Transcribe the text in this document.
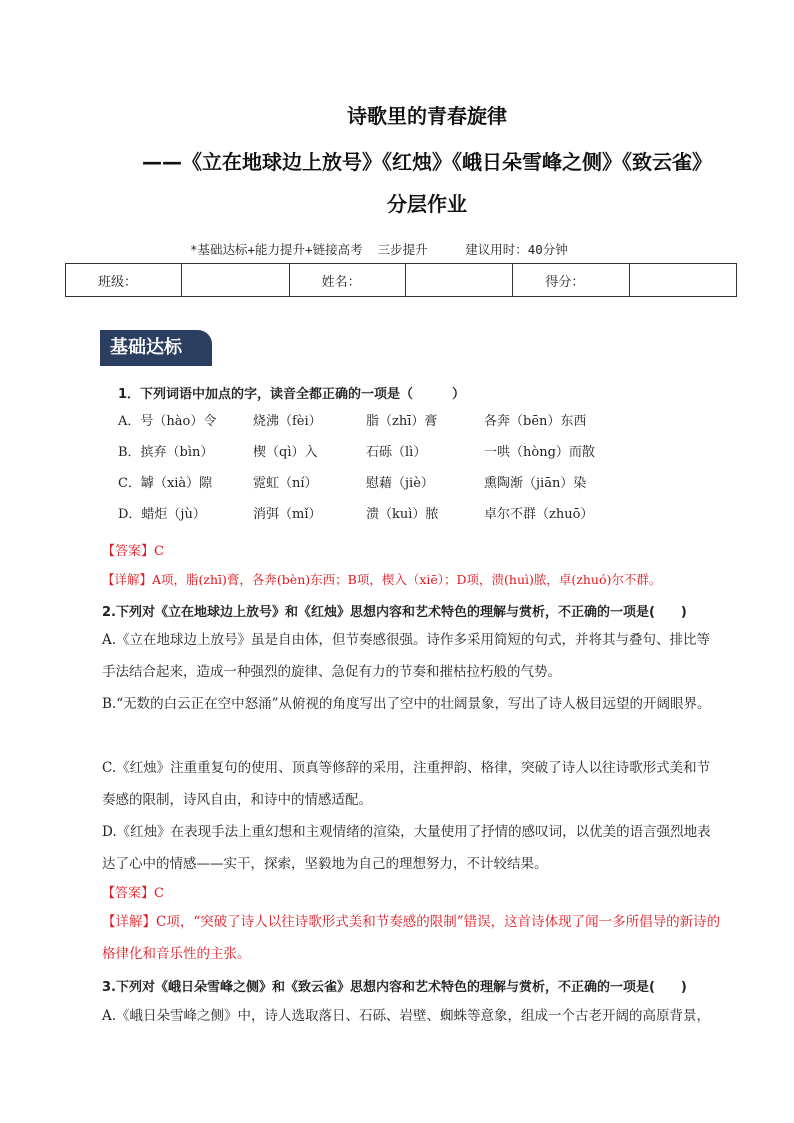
诗歌里的青春旋律
——《立在地球边上放号》《红烛》《峨日朵雪峰之侧》《致云雀》
分层作业
*基础达标+能力提升+链接高考  三步提升     建议用时：40分钟
班级：		姓名：		得分：	
基础达标
1．下列词语中加点的字，读音全都正确的一项是（　　　）
A．号（hào）令	烧沸（fèi）	脂（zhī）膏	各奔（bēn）东西
B．摈弃（bìn）	楔（qì）入	石砾（lì）	一哄（hòng）而散
C．罅（xià）隙	霓虹（ní）	慰藉（jiè）	熏陶渐（jiān）染
D．蜡炬（jù）	消弭（mǐ）	溃（kuì）脓	卓尔不群（zhuō）
【答案】C
【详解】A项，脂(zhī)膏，各奔(bèn)东西；B项，楔入（xiē）；D项，溃(huì)脓，卓(zhuó)尔不群。
2.下列对《立在地球边上放号》和《红烛》思想内容和艺术特色的理解与赏析，不正确的一项是(　　)
A.《立在地球边上放号》虽是自由体，但节奏感很强。诗作多采用简短的句式，并将其与叠句、排比等手法结合起来，造成一种强烈的旋律、急促有力的节奏和摧枯拉朽般的气势。
B.“无数的白云正在空中怒涌”从俯视的角度写出了空中的壮阔景象，写出了诗人极目远望的开阔眼界。
C.《红烛》注重重复句的使用、顶真等修辞的采用，注重押韵、格律，突破了诗人以往诗歌形式美和节奏感的限制，诗风自由，和诗中的情感适配。
D.《红烛》在表现手法上重幻想和主观情绪的渲染，大量使用了抒情的感叹词，以优美的语言强烈地表达了心中的情感——实干，探索，坚毅地为自己的理想努力，不计较结果。
【答案】C
【详解】C项，“突破了诗人以往诗歌形式美和节奏感的限制”错误，这首诗体现了闻一多所倡导的新诗的格律化和音乐性的主张。
3.下列对《峨日朵雪峰之侧》和《致云雀》思想内容和艺术特色的理解与赏析，不正确的一项是(　　)
A.《峨日朵雪峰之侧》中，诗人选取落日、石砾、岩壁、蜘蛛等意象，组成一个古老开阔的高原背景，
